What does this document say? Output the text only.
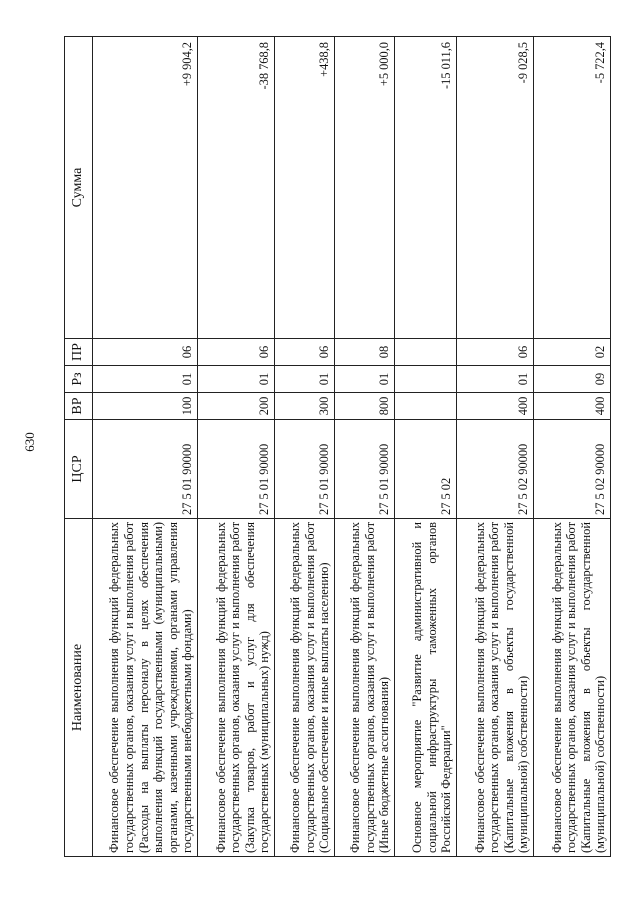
630
Наименование	ЦСР	ВР	Рз	ПР	Сумма
Финансовое обеспечение выполнения функций федеральных государственных органов, оказания услуг и выполнения работ (Расходы на выплаты персоналу в целях обеспечения выполнения функций государственными (муниципальными) органами, казенными учреждениями, органами управления государственными внебюджетными фондами)	27 5 01 90000	100	01	06	+9 904,2
Финансовое обеспечение выполнения функций федеральных государственных органов, оказания услуг и выполнения работ (Закупка товаров, работ и услуг для обеспечения государственных (муниципальных) нужд)	27 5 01 90000	200	01	06	-38 768,8
Финансовое обеспечение выполнения функций федеральных государственных органов, оказания услуг и выполнения работ (Социальное обеспечение и иные выплаты населению)	27 5 01 90000	300	01	06	+438,8
Финансовое обеспечение выполнения функций федеральных государственных органов, оказания услуг и выполнения работ (Иные бюджетные ассигнования)	27 5 01 90000	800	01	08	+5 000,0
Основное мероприятие "Развитие административной и социальной инфраструктуры таможенных органов Российской Федерации"	27 5 02				-15 011,6
Финансовое обеспечение выполнения функций федеральных государственных органов, оказания услуг и выполнения работ (Капитальные вложения в объекты государственной (муниципальной) собственности)	27 5 02 90000	400	01	06	-9 028,5
Финансовое обеспечение выполнения функций федеральных государственных органов, оказания услуг и выполнения работ (Капитальные вложения в объекты государственной (муниципальной) собственности)	27 5 02 90000	400	09	02	-5 722,4
